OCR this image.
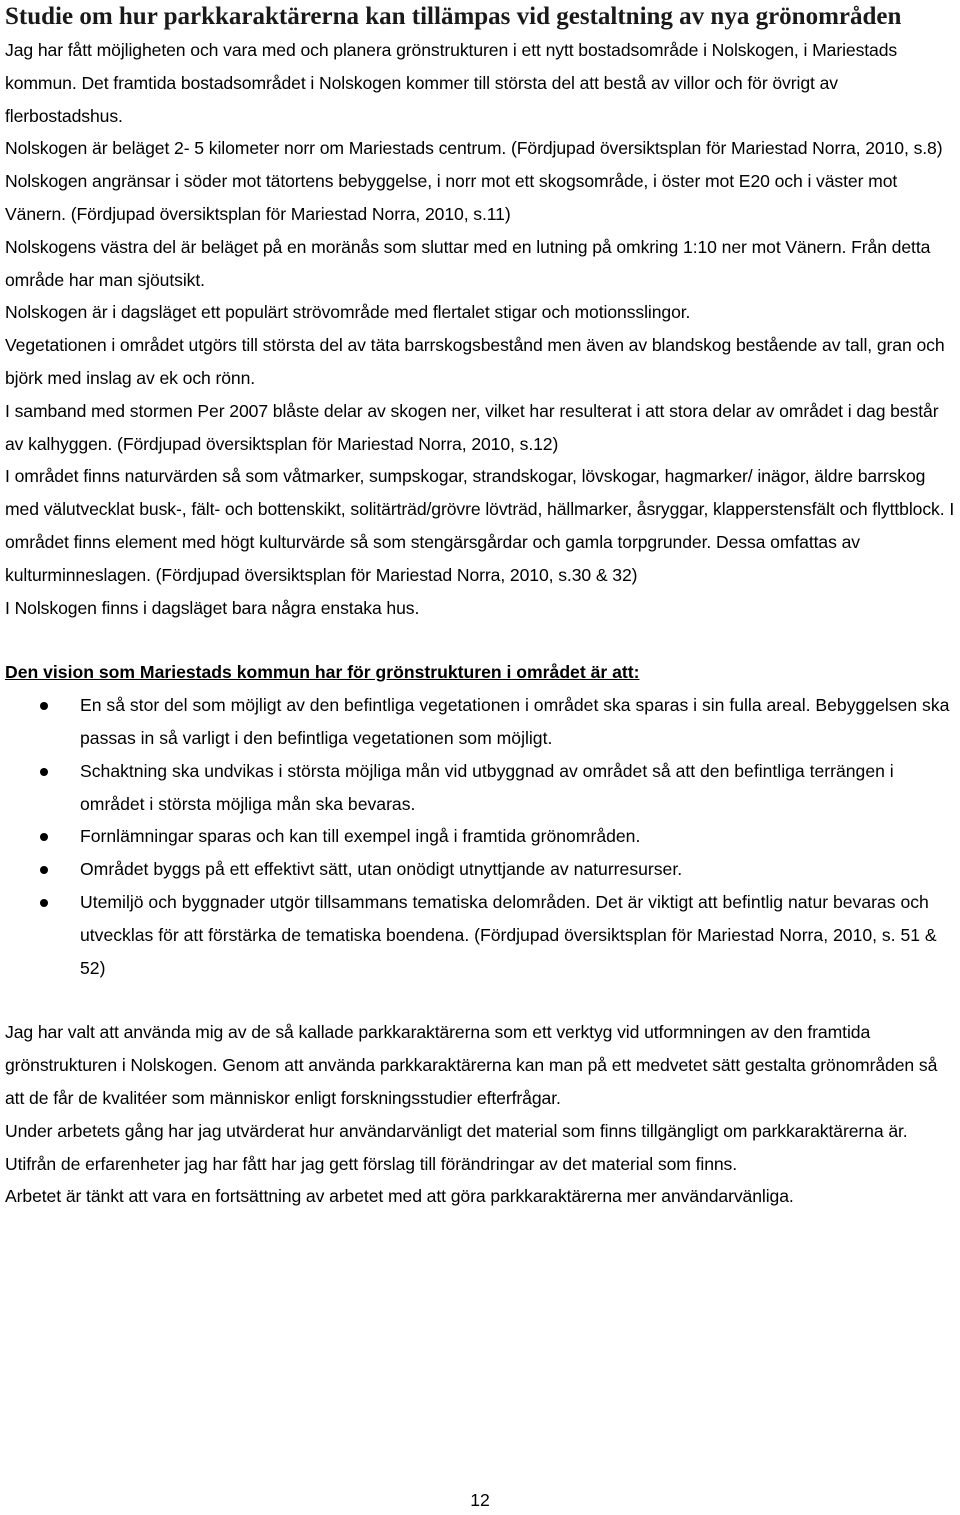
Studie om hur parkkaraktärerna kan tillämpas vid gestaltning av nya grönområden

Jag har fått möjligheten och vara med och planera grönstrukturen i ett nytt bostadsområde i Nolskogen, i Mariestads kommun. Det framtida bostadsområdet i Nolskogen kommer till största del att bestå av villor och för övrigt av flerbostadshus.

Nolskogen är beläget 2- 5 kilometer norr om Mariestads centrum. (Fördjupad översiktsplan för Mariestad Norra, 2010, s.8)

Nolskogen angränsar i söder mot tätortens bebyggelse, i norr mot ett skogsområde, i öster mot E20 och i väster mot Vänern. (Fördjupad översiktsplan för Mariestad Norra, 2010, s.11)

Nolskogens västra del är beläget på en moränås som sluttar med en lutning på omkring 1:10 ner mot Vänern. Från detta område har man sjöutsikt.

Nolskogen är i dagsläget ett populärt strövområde med flertalet stigar och motionsslingor.

Vegetationen i området utgörs till största del av täta barrskogsbestånd men även av blandskog bestående av tall, gran och björk med inslag av ek och rönn.

I samband med stormen Per 2007 blåste delar av skogen ner, vilket har resulterat i att stora delar av området i dag består av kalhyggen. (Fördjupad översiktsplan för Mariestad Norra, 2010, s.12)

I området finns naturvärden så som våtmarker, sumpskogar, strandskogar, lövskogar, hagmarker/ inägor, äldre barrskog med välutvecklat busk-, fält- och bottenskikt, solitärträd/grövre lövträd, hällmarker, åsryggar, klapperstensfält och flyttblock. I området finns element med högt kulturvärde så som stengärsgårdar och gamla torpgrunder. Dessa omfattas av kulturminneslagen. (Fördjupad översiktsplan för Mariestad Norra, 2010, s.30 & 32)

I Nolskogen finns i dagsläget bara några enstaka hus.

Den vision som Mariestads kommun har för grönstrukturen i området är att:
En så stor del som möjligt av den befintliga vegetationen i området ska sparas i sin fulla areal. Bebyggelsen ska passas in så varligt i den befintliga vegetationen som möjligt.
Schaktning ska undvikas i största möjliga mån vid utbyggnad av området så att den befintliga terrängen i området i största möjliga mån ska bevaras.
Fornlämningar sparas och kan till exempel ingå i framtida grönområden.
Området byggs på ett effektivt sätt, utan onödigt utnyttjande av naturresurser.
Utemiljö och byggnader utgör tillsammans tematiska delområden. Det är viktigt att befintlig natur bevaras och utvecklas för att förstärka de tematiska boendena. (Fördjupad översiktsplan för Mariestad Norra, 2010, s. 51 & 52)

Jag har valt att använda mig av de så kallade parkkaraktärerna som ett verktyg vid utformningen av den framtida grönstrukturen i Nolskogen. Genom att använda parkkaraktärerna kan man på ett medvetet sätt gestalta grönområden så att de får de kvalitéer som människor enligt forskningsstudier efterfrågar.

Under arbetets gång har jag utvärderat hur användarvänligt det material som finns tillgängligt om parkkaraktärerna är. Utifrån de erfarenheter jag har fått har jag gett förslag till förändringar av det material som finns.

Arbetet är tänkt att vara en fortsättning av arbetet med att göra parkkaraktärerna mer användarvänliga.

12
